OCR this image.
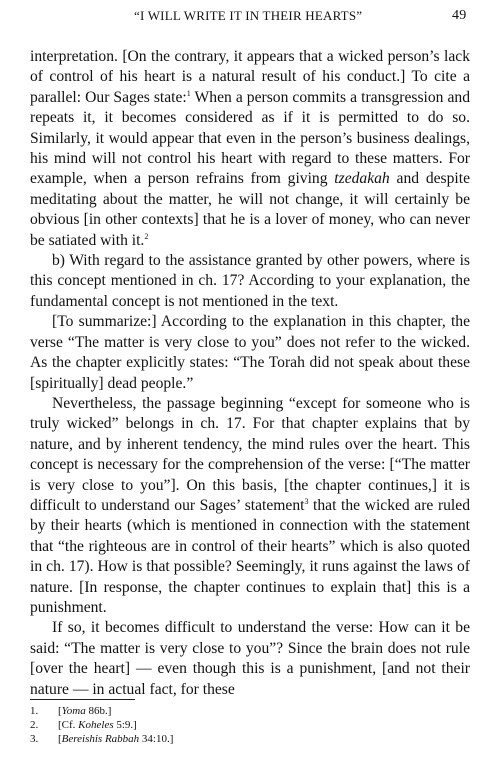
“I WILL WRITE IT IN THEIR HEARTS”	49

interpretation. [On the contrary, it appears that a wicked person’s lack of control of his heart is a natural result of his conduct.] To cite a parallel: Our Sages state:$^1$ When a person commits a transgression and repeats it, it becomes considered as if it is permitted to do so. Similarly, it would appear that even in the person’s business dealings, his mind will not control his heart with regard to these matters. For example, when a person refrains from giving tzedakah and despite meditating about the matter, he will not change, it will certainly be obvious [in other contexts] that he is a lover of money, who can never be satiated with it.$^2$

b) With regard to the assistance granted by other powers, where is this concept mentioned in ch. 17? According to your explanation, the fundamental concept is not mentioned in the text.

[To summarize:] According to the explanation in this chapter, the verse “The matter is very close to you” does not refer to the wicked. As the chapter explicitly states: “The Torah did not speak about these [spiritually] dead people.”

Nevertheless, the passage beginning “except for someone who is truly wicked” belongs in ch. 17. For that chapter explains that by nature, and by inherent tendency, the mind rules over the heart. This concept is necessary for the comprehension of the verse: [“The matter is very close to you”]. On this basis, [the chapter continues,] it is difficult to understand our Sages’ statement$^3$ that the wicked are ruled by their hearts (which is mentioned in connection with the statement that “the righteous are in control of their hearts” which is also quoted in ch. 17). How is that possible? Seemingly, it runs against the laws of nature. [In response, the chapter continues to explain that] this is a punishment.

If so, it becomes difficult to understand the verse: How can it be said: “The matter is very close to you”? Since the brain does not rule [over the heart] — even though this is a punishment, [and not their nature — in actual fact, for these

1. [Yoma 86b.]
2. [Cf. Koheles 5:9.]
3. [Bereishis Rabbah 34:10.]
